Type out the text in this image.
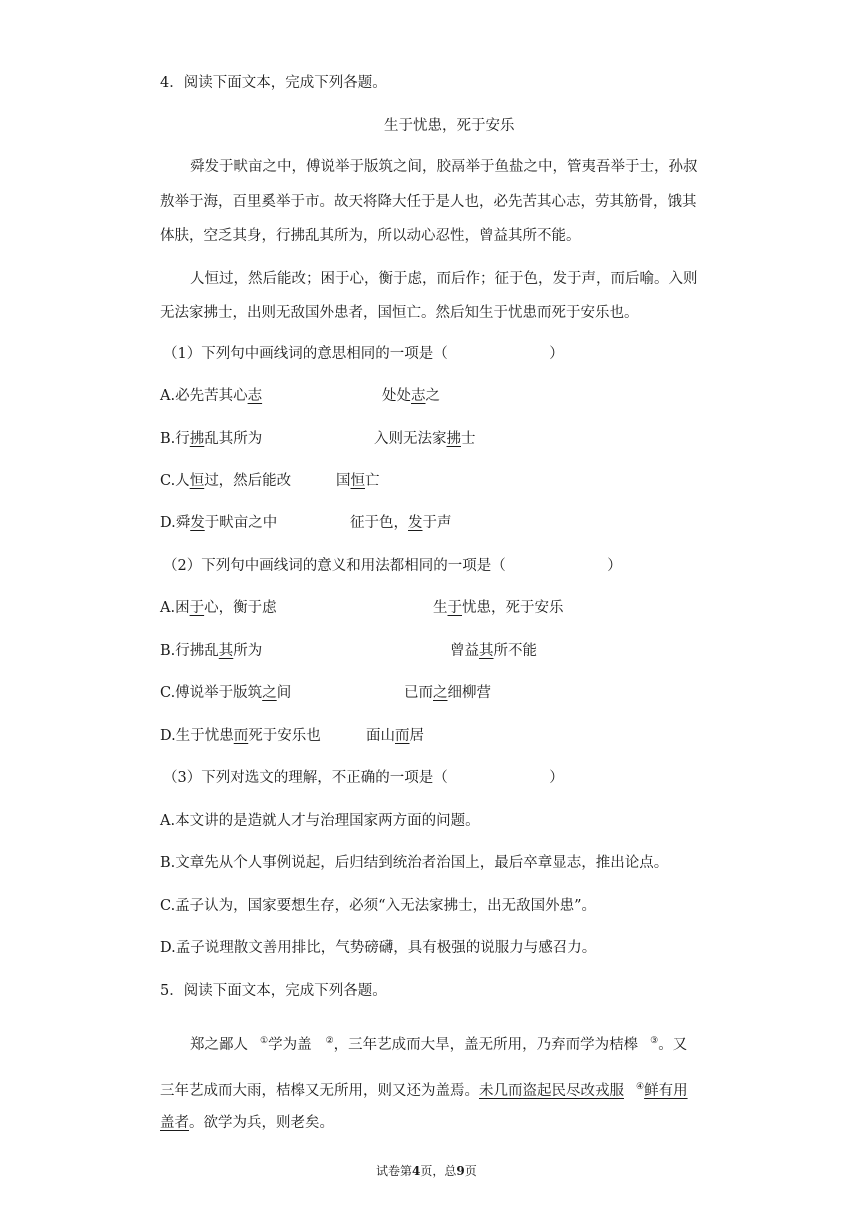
4．阅读下面文本，完成下列各题。
生于忧患，死于安乐
舜发于畎亩之中，傅说举于版筑之间，胶鬲举于鱼盐之中，管夷吾举于士，孙叔
敖举于海，百里奚举于市。故天将降大任于是人也，必先苦其心志，劳其筋骨，饿其
体肤，空乏其身，行拂乱其所为，所以动心忍性，曾益其所不能。
人恒过，然后能改；困于心，衡于虑，而后作；征于色，发于声，而后喻。入则
无法家拂士，出则无敌国外患者，国恒亡。然后知生于忧患而死于安乐也。
（1）下列句中画线词的意思相同的一项是（　　　　　　　）
A.必先苦其心志	处处志之
B.行拂乱其所为	入则无法家拂士
C.人恒过，然后能改	国恒亡
D.舜发于畎亩之中	征于色，发于声
（2）下列句中画线词的意义和用法都相同的一项是（　　　　　　　）
A.困于心，衡于虑	生于忧患，死于安乐
B.行拂乱其所为	曾益其所不能
C.傅说举于版筑之间	已而之细柳营
D.生于忧患而死于安乐也	面山而居
（3）下列对选文的理解，不正确的一项是（　　　　　　　）
A.本文讲的是造就人才与治理国家两方面的问题。
B.文章先从个人事例说起，后归结到统治者治国上，最后卒章显志，推出论点。
C.孟子认为，国家要想生存，必须“入无法家拂士，出无敌国外患”。
D.孟子说理散文善用排比，气势磅礴，具有极强的说服力与感召力。
5．阅读下面文本，完成下列各题。
郑之鄙人 ①学为盖 ②，三年艺成而大旱，盖无所用，乃弃而学为桔槔 ③。又
三年艺成而大雨，桔槔又无所用，则又还为盖焉。未几而盗起民尽改戎服 ④鲜有用
盖者。欲学为兵，则老矣。
试卷第4页，总9页
